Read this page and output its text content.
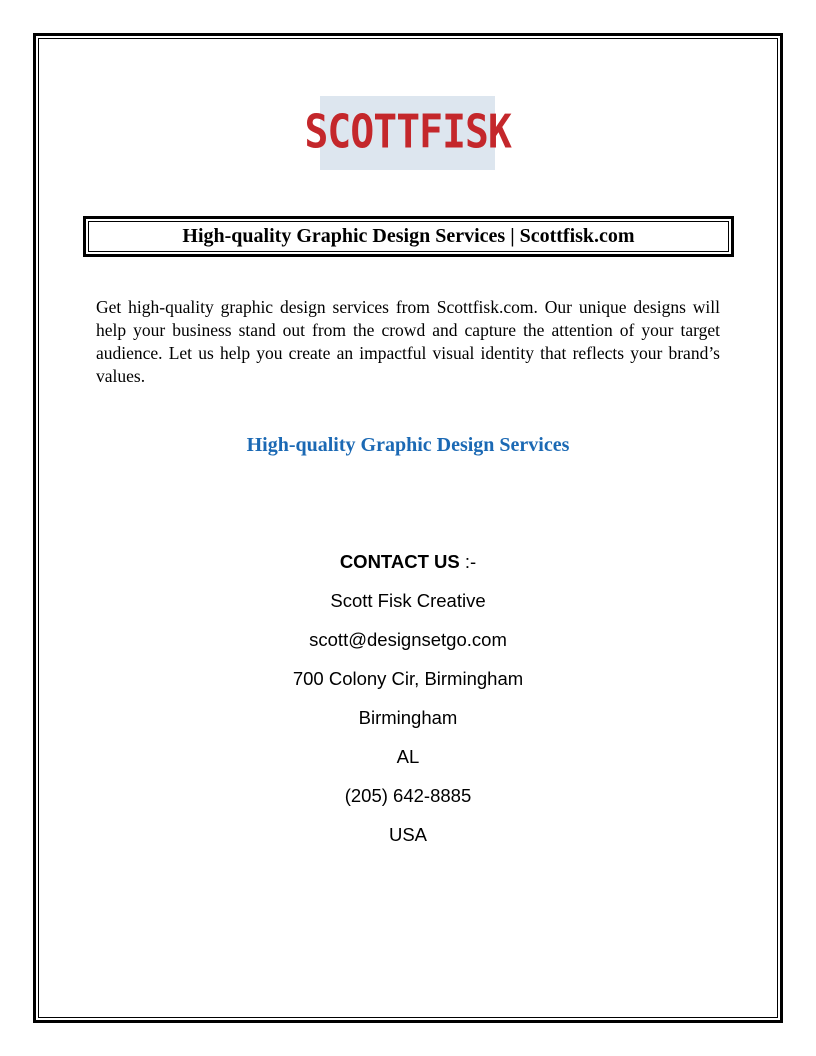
SCOTTFISK
High-quality Graphic Design Services | Scottfisk.com

Get high-quality graphic design services from Scottfisk.com. Our unique designs will help your business stand out from the crowd and capture the attention of your target audience. Let us help you create an impactful visual identity that reflects your brand’s values.

High-quality Graphic Design Services
CONTACT US :-
Scott Fisk Creative
scott@designsetgo.com
700 Colony Cir, Birmingham
Birmingham
AL
(205) 642-8885
USA
